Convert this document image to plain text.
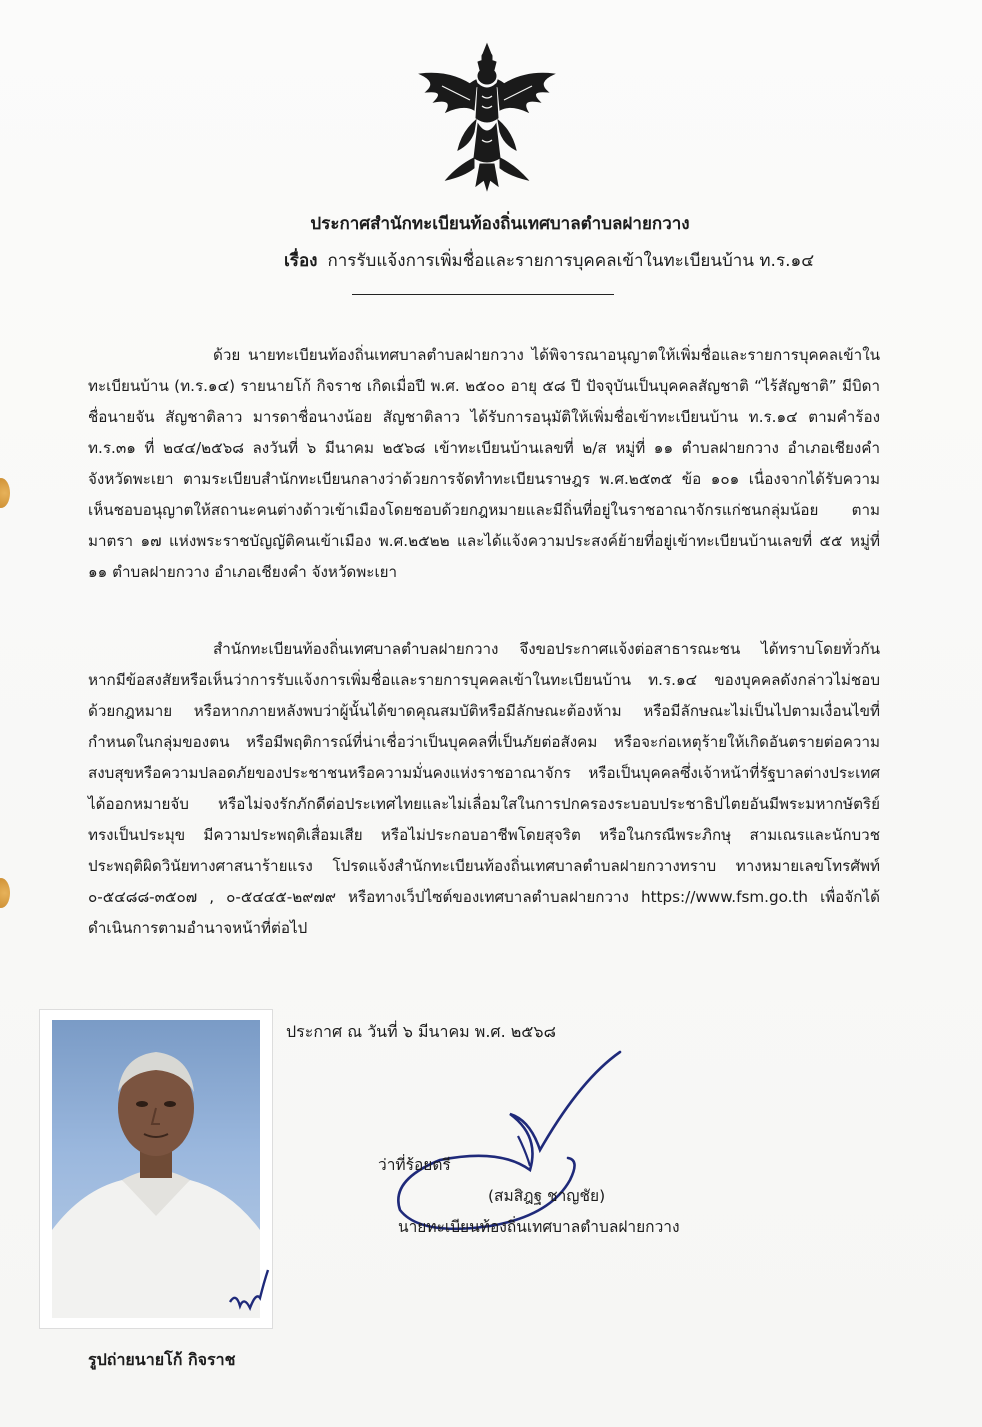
ประกาศสำนักทะเบียนท้องถิ่นเทศบาลตำบลฝายกวาง
เรื่อง การรับแจ้งการเพิ่มชื่อและรายการบุคคลเข้าในทะเบียนบ้าน ท.ร.๑๔

ด้วย นายทะเบียนท้องถิ่นเทศบาลตำบลฝายกวาง ได้พิจารณาอนุญาตให้เพิ่มชื่อและรายการบุคคลเข้าในทะเบียนบ้าน (ท.ร.๑๔) รายนายโก้ กิจราช เกิดเมื่อปี พ.ศ. ๒๕๐๐ อายุ ๕๘ ปี ปัจจุบันเป็นบุคคลสัญชาติ “ไร้สัญชาติ” มีบิดาชื่อนายจัน สัญชาติลาว มารดาชื่อนางน้อย สัญชาติลาว ได้รับการอนุมัติให้เพิ่มชื่อเข้าทะเบียนบ้าน ท.ร.๑๔ ตามคำร้อง ท.ร.๓๑ ที่ ๒๔๔/๒๕๖๘ ลงวันที่ ๖ มีนาคม ๒๕๖๘ เข้าทะเบียนบ้านเลขที่ ๒/ส หมู่ที่ ๑๑ ตำบลฝายกวาง อำเภอเชียงคำ จังหวัดพะเยา ตามระเบียบสำนักทะเบียนกลางว่าด้วยการจัดทำทะเบียนราษฎร พ.ศ.๒๕๓๕ ข้อ ๑๐๑ เนื่องจากได้รับความเห็นชอบอนุญาตให้สถานะคนต่างด้าวเข้าเมืองโดยชอบด้วยกฎหมายและมีถิ่นที่อยู่ในราชอาณาจักรแก่ชนกลุ่มน้อย ตามมาตรา ๑๗ แห่งพระราชบัญญัติคนเข้าเมือง พ.ศ.๒๕๒๒ และได้แจ้งความประสงค์ย้ายที่อยู่เข้าทะเบียนบ้านเลขที่ ๕๕ หมู่ที่ ๑๑ ตำบลฝายกวาง อำเภอเชียงคำ จังหวัดพะเยา

สำนักทะเบียนท้องถิ่นเทศบาลตำบลฝายกวาง จึงขอประกาศแจ้งต่อสาธารณะชน ได้ทราบโดยทั่วกัน หากมีข้อสงสัยหรือเห็นว่าการรับแจ้งการเพิ่มชื่อและรายการบุคคลเข้าในทะเบียนบ้าน ท.ร.๑๔ ของบุคคลดังกล่าวไม่ชอบด้วยกฎหมาย หรือหากภายหลังพบว่าผู้นั้นได้ขาดคุณสมบัติหรือมีลักษณะต้องห้าม หรือมีลักษณะไม่เป็นไปตามเงื่อนไขที่กำหนดในกลุ่มของตน หรือมีพฤติการณ์ที่น่าเชื่อว่าเป็นบุคคลที่เป็นภัยต่อสังคม หรือจะก่อเหตุร้ายให้เกิดอันตรายต่อความสงบสุขหรือความปลอดภัยของประชาชนหรือความมั่นคงแห่งราชอาณาจักร หรือเป็นบุคคลซึ่งเจ้าหน้าที่รัฐบาลต่างประเทศได้ออกหมายจับ หรือไม่จงรักภักดีต่อประเทศไทยและไม่เลื่อมใสในการปกครองระบอบประชาธิปไตยอันมีพระมหากษัตริย์ทรงเป็นประมุข มีความประพฤติเสื่อมเสีย หรือไม่ประกอบอาชีพโดยสุจริต หรือในกรณีพระภิกษุ สามเณรและนักบวช ประพฤติผิดวินัยทางศาสนาร้ายแรง โปรดแจ้งสำนักทะเบียนท้องถิ่นเทศบาลตำบลฝายกวางทราบ ทางหมายเลขโทรศัพท์ ๐-๕๔๘๘-๓๕๐๗ , ๐-๕๔๔๕-๒๙๗๙ หรือทางเว็ปไซต์ของเทศบาลตำบลฝายกวาง https://www.fsm.go.th เพื่อจักได้ดำเนินการตามอำนาจหน้าที่ต่อไป

รูปถ่ายนายโก้ กิจราช
ประกาศ ณ วันที่ ๖ มีนาคม พ.ศ. ๒๕๖๘
ว่าที่ร้อยตรี
(สมสิฎฐ ชาญชัย)
นายทะเบียนท้องถิ่นเทศบาลตำบลฝายกวาง
